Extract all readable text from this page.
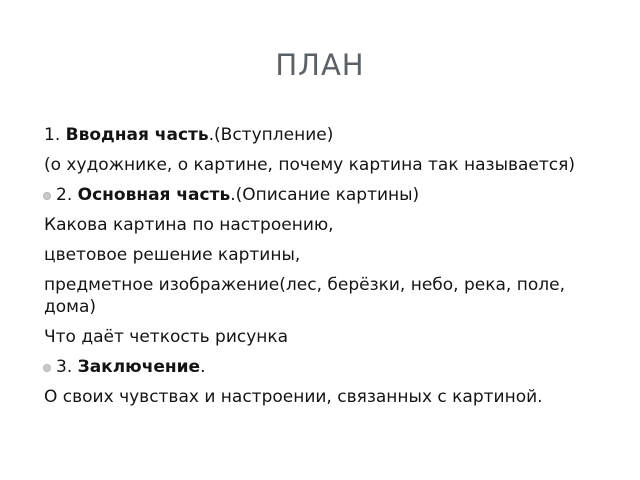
ПЛАН
1. Вводная часть.(Вступление)
(о художнике, о картине, почему картина так называется)
2. Основная часть.(Описание картины)
Какова картина по настроению,
цветовое решение картины,
предметное изображение(лес, берёзки, небо, река, поле, дома)
Что даёт четкость рисунка
3. Заключение.
О своих чувствах и настроении, связанных с картиной.
